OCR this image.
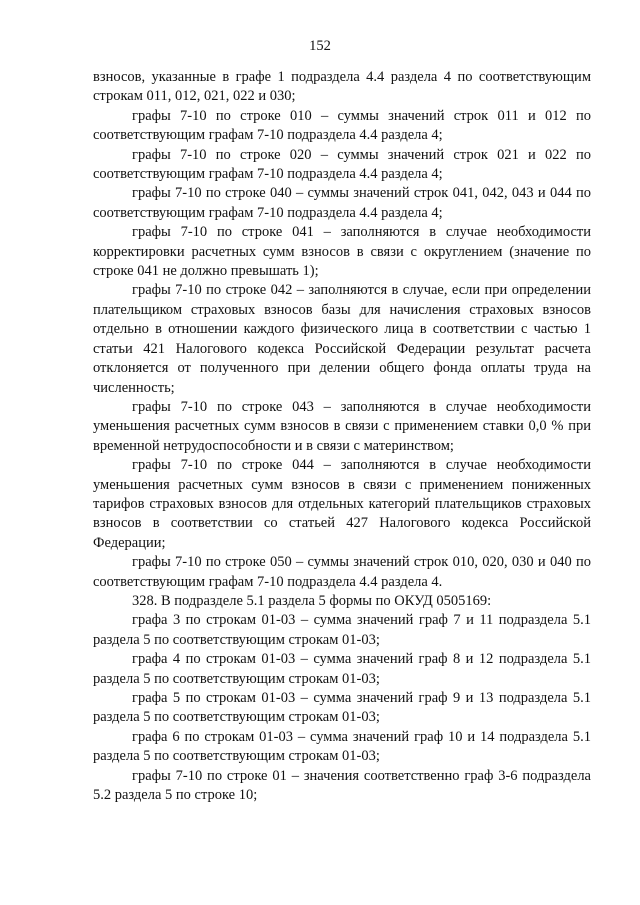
152

взносов, указанные в графе 1 подраздела 4.4 раздела 4 по соответствующим строкам 011, 012, 021, 022 и 030;

графы 7-10 по строке 010 – суммы значений строк 011 и 012 по соответствующим графам 7-10 подраздела 4.4 раздела 4;

графы 7-10 по строке 020 – суммы значений строк 021 и 022 по соответствующим графам 7-10 подраздела 4.4 раздела 4;

графы 7-10 по строке 040 – суммы значений строк 041, 042, 043 и 044 по соответствующим графам 7-10 подраздела 4.4 раздела 4;

графы 7-10 по строке 041 – заполняются в случае необходимости корректировки расчетных сумм взносов в связи с округлением (значение по строке 041 не должно превышать 1);

графы 7-10 по строке 042 – заполняются в случае, если при определении плательщиком страховых взносов базы для начисления страховых взносов отдельно в отношении каждого физического лица в соответствии с частью 1 статьи 421 Налогового кодекса Российской Федерации результат расчета отклоняется от полученного при делении общего фонда оплаты труда на численность;

графы 7-10 по строке 043 – заполняются в случае необходимости уменьшения расчетных сумм взносов в связи с применением ставки 0,0 % при временной нетрудоспособности и в связи с материнством;

графы 7-10 по строке 044 – заполняются в случае необходимости уменьшения расчетных сумм взносов в связи с применением пониженных тарифов страховых взносов для отдельных категорий плательщиков страховых взносов в соответствии со статьей 427 Налогового кодекса Российской Федерации;

графы 7-10 по строке 050 – суммы значений строк 010, 020, 030 и 040 по соответствующим графам 7-10 подраздела 4.4 раздела 4.

328. В подразделе 5.1 раздела 5 формы по ОКУД 0505169:

графа 3 по строкам 01-03 – сумма значений граф 7 и 11 подраздела 5.1 раздела 5 по соответствующим строкам 01-03;

графа 4 по строкам 01-03 – сумма значений граф 8 и 12 подраздела 5.1 раздела 5 по соответствующим строкам 01-03;

графа 5 по строкам 01-03 – сумма значений граф 9 и 13 подраздела 5.1 раздела 5 по соответствующим строкам 01-03;

графа 6 по строкам 01-03 – сумма значений граф 10 и 14 подраздела 5.1 раздела 5 по соответствующим строкам 01-03;

графы 7-10 по строке 01 – значения соответственно граф 3-6 подраздела 5.2 раздела 5 по строке 10;
